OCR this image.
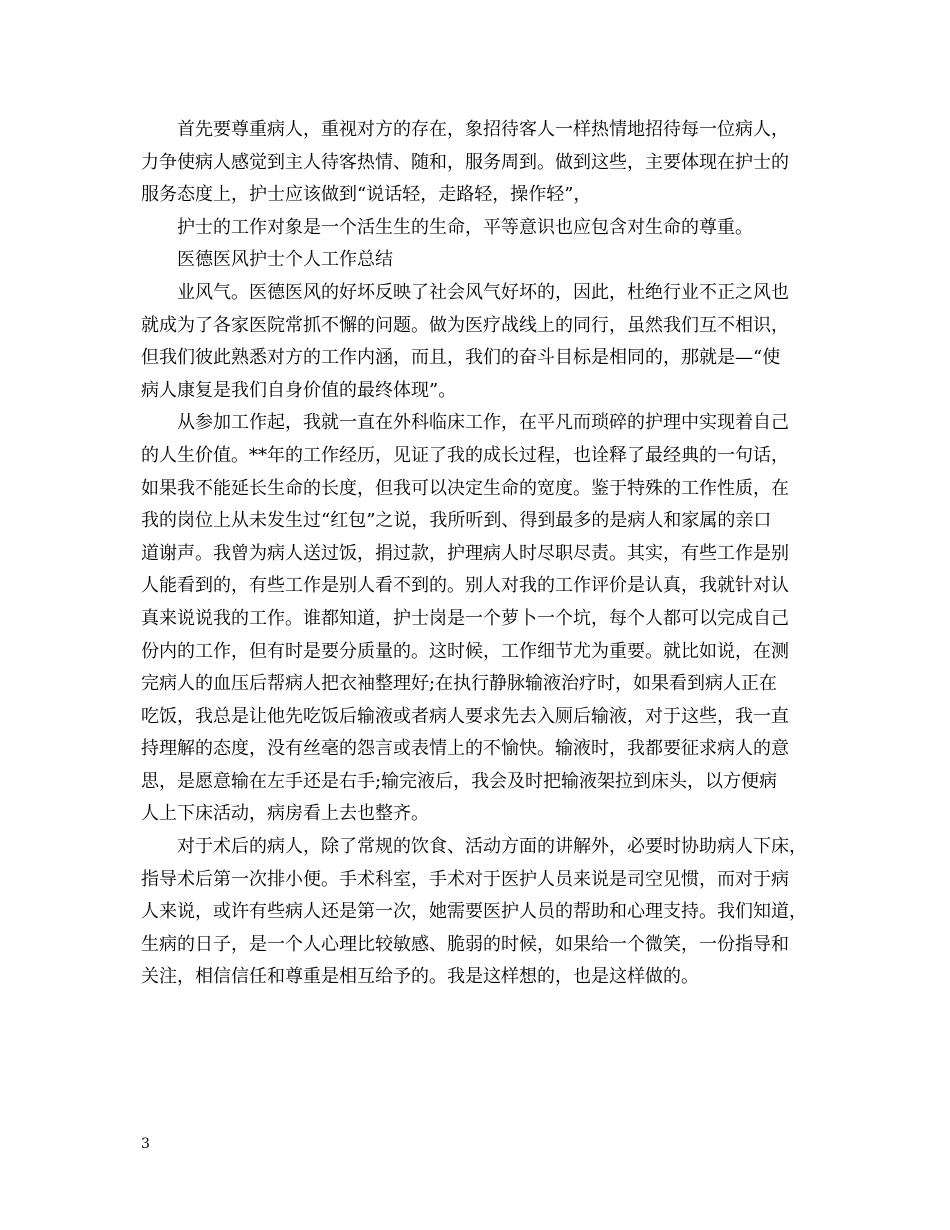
首先要尊重病人，重视对方的存在，象招待客人一样热情地招待每一位病人，
力争使病人感觉到主人待客热情、随和，服务周到。做到这些，主要体现在护士的
服务态度上，护士应该做到“说话轻，走路轻，操作轻”，
护士的工作对象是一个活生生的生命，平等意识也应包含对生命的尊重。
医德医风护士个人工作总结
业风气。医德医风的好坏反映了社会风气好坏的，因此，杜绝行业不正之风也
就成为了各家医院常抓不懈的问题。做为医疗战线上的同行，虽然我们互不相识，
但我们彼此熟悉对方的工作内涵，而且，我们的奋斗目标是相同的，那就是—“使
病人康复是我们自身价值的最终体现”。
从参加工作起，我就一直在外科临床工作，在平凡而琐碎的护理中实现着自己
的人生价值。**年的工作经历，见证了我的成长过程，也诠释了最经典的一句话，
如果我不能延长生命的长度，但我可以决定生命的宽度。鉴于特殊的工作性质，在
我的岗位上从未发生过“红包”之说，我所听到、得到最多的是病人和家属的亲口
道谢声。我曾为病人送过饭，捐过款，护理病人时尽职尽责。其实，有些工作是别
人能看到的，有些工作是别人看不到的。别人对我的工作评价是认真，我就针对认
真来说说我的工作。谁都知道，护士岗是一个萝卜一个坑，每个人都可以完成自己
份内的工作，但有时是要分质量的。这时候，工作细节尤为重要。就比如说，在测
完病人的血压后帮病人把衣袖整理好;在执行静脉输液治疗时，如果看到病人正在
吃饭，我总是让他先吃饭后输液或者病人要求先去入厕后输液，对于这些，我一直
持理解的态度，没有丝毫的怨言或表情上的不愉快。输液时，我都要征求病人的意
思，是愿意输在左手还是右手;输完液后，我会及时把输液架拉到床头，以方便病
人上下床活动，病房看上去也整齐。
对于术后的病人，除了常规的饮食、活动方面的讲解外，必要时协助病人下床，
指导术后第一次排小便。手术科室，手术对于医护人员来说是司空见惯，而对于病
人来说，或许有些病人还是第一次，她需要医护人员的帮助和心理支持。我们知道，
生病的日子，是一个人心理比较敏感、脆弱的时候，如果给一个微笑，一份指导和
关注，相信信任和尊重是相互给予的。我是这样想的，也是这样做的。
3
